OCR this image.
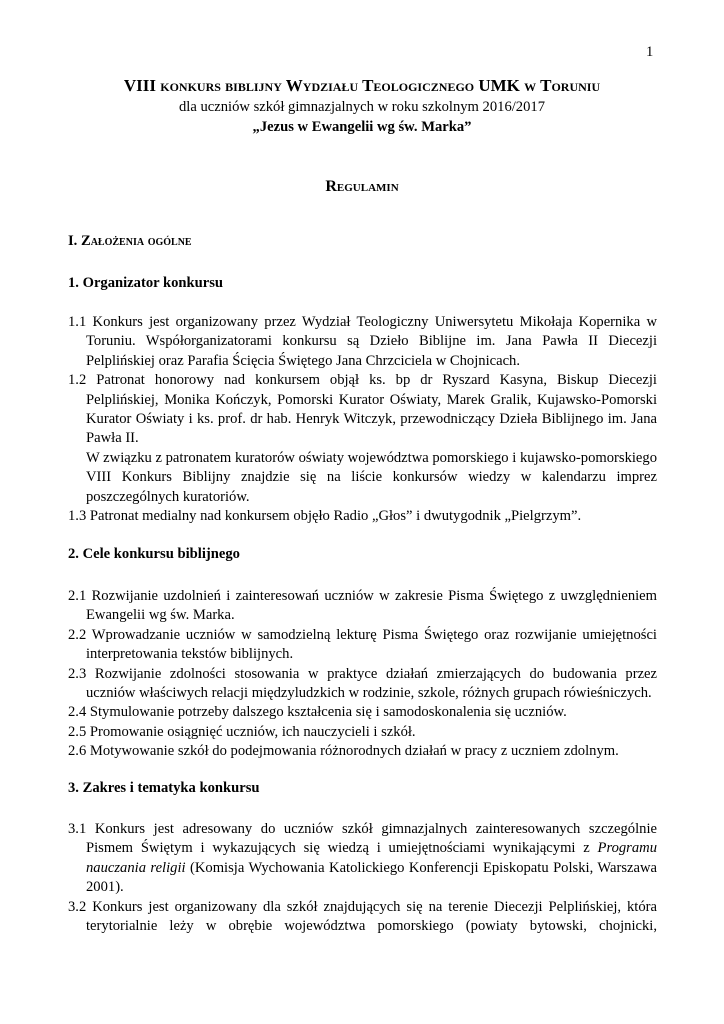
1
VIII konkurs biblijny Wydziału Teologicznego UMK w Toruniu
dla uczniów szkół gimnazjalnych w roku szkolnym 2016/2017
„Jezus w Ewangelii wg św. Marka”
Regulamin
I. Założenia ogólne
1. Organizator konkursu
1.1 Konkurs jest organizowany przez Wydział Teologiczny Uniwersytetu Mikołaja Kopernika w Toruniu. Współorganizatorami konkursu są Dzieło Biblijne im. Jana Pawła II Diecezji Pelplińskiej oraz Parafia Ścięcia Świętego Jana Chrzciciela w Chojnicach.
1.2 Patronat honorowy nad konkursem objął ks. bp dr Ryszard Kasyna, Biskup Diecezji Pelplińskiej, Monika Kończyk, Pomorski Kurator Oświaty, Marek Gralik, Kujawsko-Pomorski Kurator Oświaty i ks. prof. dr hab. Henryk Witczyk, przewodniczący Dzieła Biblijnego im. Jana Pawła II.
W związku z patronatem kuratorów oświaty województwa pomorskiego i kujawsko-pomorskiego VIII Konkurs Biblijny znajdzie się na liście konkursów wiedzy w kalendarzu imprez poszczególnych kuratoriów.
1.3 Patronat medialny nad konkursem objęło Radio „Głos” i dwutygodnik „Pielgrzym”.
2. Cele konkursu biblijnego
2.1 Rozwijanie uzdolnień i zainteresowań uczniów w zakresie Pisma Świętego z uwzględnieniem Ewangelii wg św. Marka.
2.2 Wprowadzanie uczniów w samodzielną lekturę Pisma Świętego oraz rozwijanie umiejętności interpretowania tekstów biblijnych.
2.3 Rozwijanie zdolności stosowania w praktyce działań zmierzających do budowania przez uczniów właściwych relacji międzyludzkich w rodzinie, szkole, różnych grupach rówieśniczych.
2.4 Stymulowanie potrzeby dalszego kształcenia się i samodoskonalenia się uczniów.
2.5 Promowanie osiągnięć uczniów, ich nauczycieli i szkół.
2.6 Motywowanie szkół do podejmowania różnorodnych działań w pracy z uczniem zdolnym.
3. Zakres i tematyka konkursu
3.1 Konkurs jest adresowany do uczniów szkół gimnazjalnych zainteresowanych szczególnie Pismem Świętym i wykazujących się wiedzą i umiejętnościami wynikającymi z Programu nauczania religii (Komisja Wychowania Katolickiego Konferencji Episkopatu Polski, Warszawa 2001).
3.2 Konkurs jest organizowany dla szkół znajdujących się na terenie Diecezji Pelplińskiej, która terytorialnie leży w obrębie województwa pomorskiego (powiaty bytowski, chojnicki,
